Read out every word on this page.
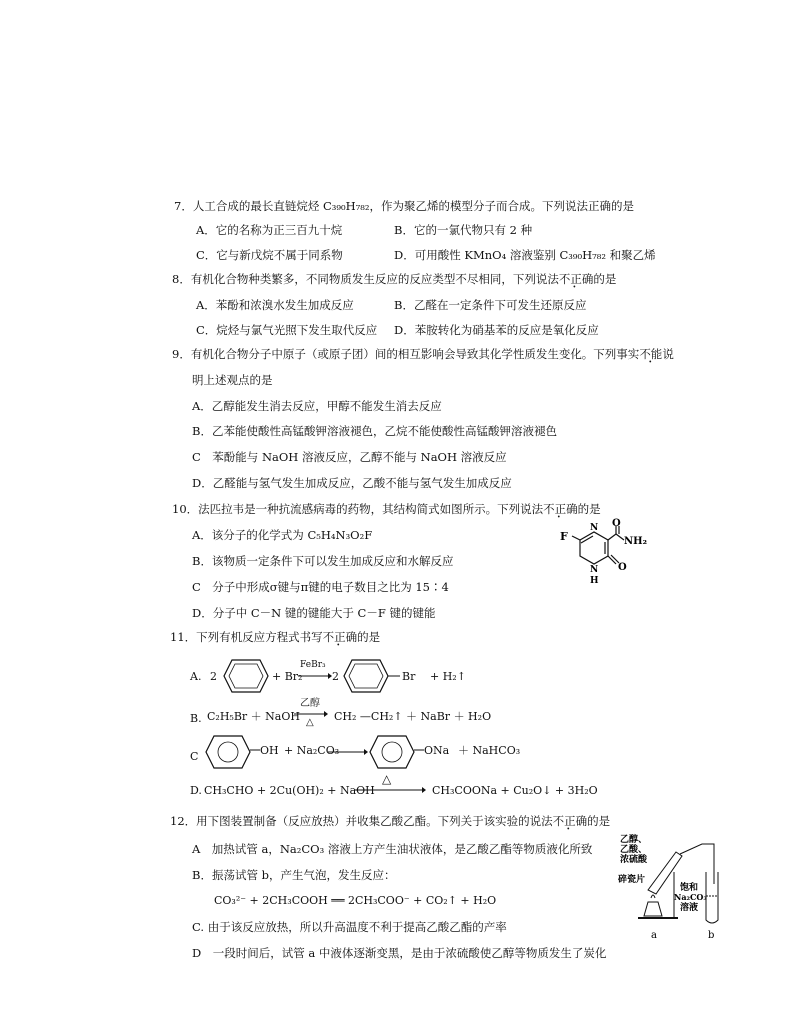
7．人工合成的最长直链烷烃 C₃₉₀H₇₈₂，作为聚乙烯的模型分子而合成。下列说法正确的是
A．它的名称为正三百九十烷	B．它的一氯代物只有 2 种
C．它与新戊烷不属于同系物	D．可用酸性 KMnO₄ 溶液鉴别 C₃₉₀H₇₈₂ 和聚乙烯
8．有机化合物种类繁多，不同物质发生反应的反应类型不尽相同，下列说法不正确的是
A．苯酚和浓溴水发生加成反应	B．乙醛在一定条件下可发生还原反应
C．烷烃与氯气光照下发生取代反应 D．苯胺转化为硝基苯的反应是氧化反应
9．有机化合物分子中原子（或原子团）间的相互影响会导致其化学性质发生变化。下列事实不能说
明上述观点的是
A．乙醇能发生消去反应，甲醇不能发生消去反应
B．乙苯能使酸性高锰酸钾溶液褪色，乙烷不能使酸性高锰酸钾溶液褪色
C　苯酚能与 NaOH 溶液反应，乙醇不能与 NaOH 溶液反应
D．乙醛能与氢气发生加成反应，乙酸不能与氢气发生加成反应
10．法匹拉韦是一种抗流感病毒的药物，其结构简式如图所示。下列说法不正确的是
A．该分子的化学式为 C₅H₄N₃O₂F
B．该物质一定条件下可以发生加成反应和水解反应
C　分子中形成σ键与π键的电子数目之比为 15∶4
D．分子中 C－N 键的键能大于 C－F 键的键能
F
O
NH₂
O
N
N
H
11．下列有机反应方程式书写不正确的是
A. 2	+ Br₂
FeBr₃
2	Br + H₂↑
B. C₂H₅Br ＋ NaOH
乙醇
△ CH₂ —CH₂↑ ＋ NaBr ＋ H₂O
C	OH + Na₂CO₃	ONa ＋ NaHCO₃
D. CH₃CHO + 2Cu(OH)₂ + NaOH
△
CH₃COONa + Cu₂O↓ + 3H₂O
12．用下图装置制备（反应放热）并收集乙酸乙酯。下列关于该实验的说法不正确的是
A　加热试管 a，Na₂CO₃ 溶液上方产生油状液体，是乙酸乙酯等物质液化所致
B．振荡试管 b，产生气泡，发生反应：
CO₃²⁻ + 2CH₃COOH ══ 2CH₃COO⁻ + CO₂↑ + H₂O
C. 由于该反应放热，所以升高温度不利于提高乙酸乙酯的产率
D　一段时间后，试管 a 中液体逐渐变黑，是由于浓硫酸使乙醇等物质发生了炭化
乙醇、
乙酸、
浓硫酸
碎瓷片
饱和
Na₂CO₃
溶液
a	b
